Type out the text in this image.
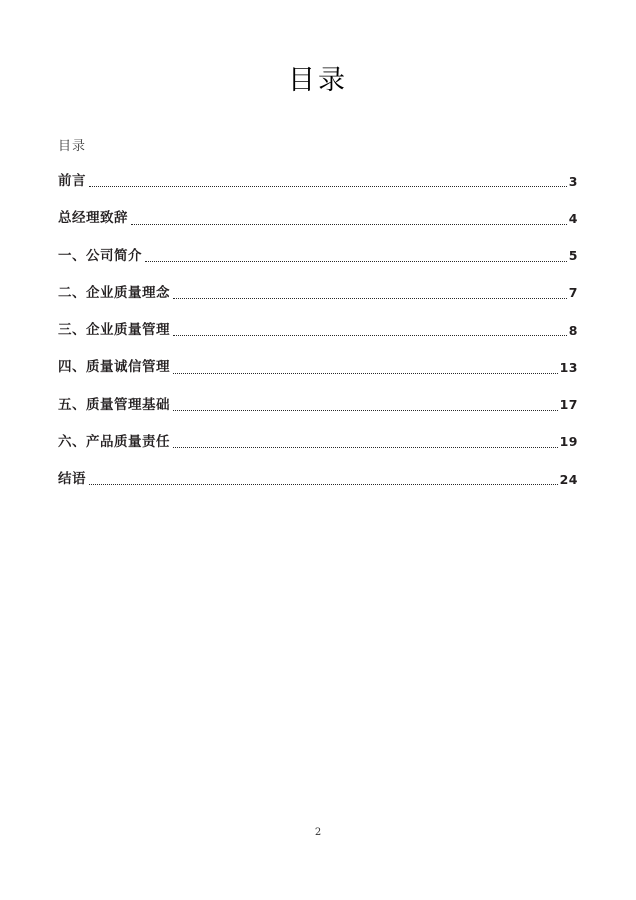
目录
目录
前言	3
总经理致辞	4
一、公司简介	5
二、企业质量理念	7
三、企业质量管理	8
四、质量诚信管理	13
五、质量管理基础	17
六、产品质量责任	19
结语	24
2
